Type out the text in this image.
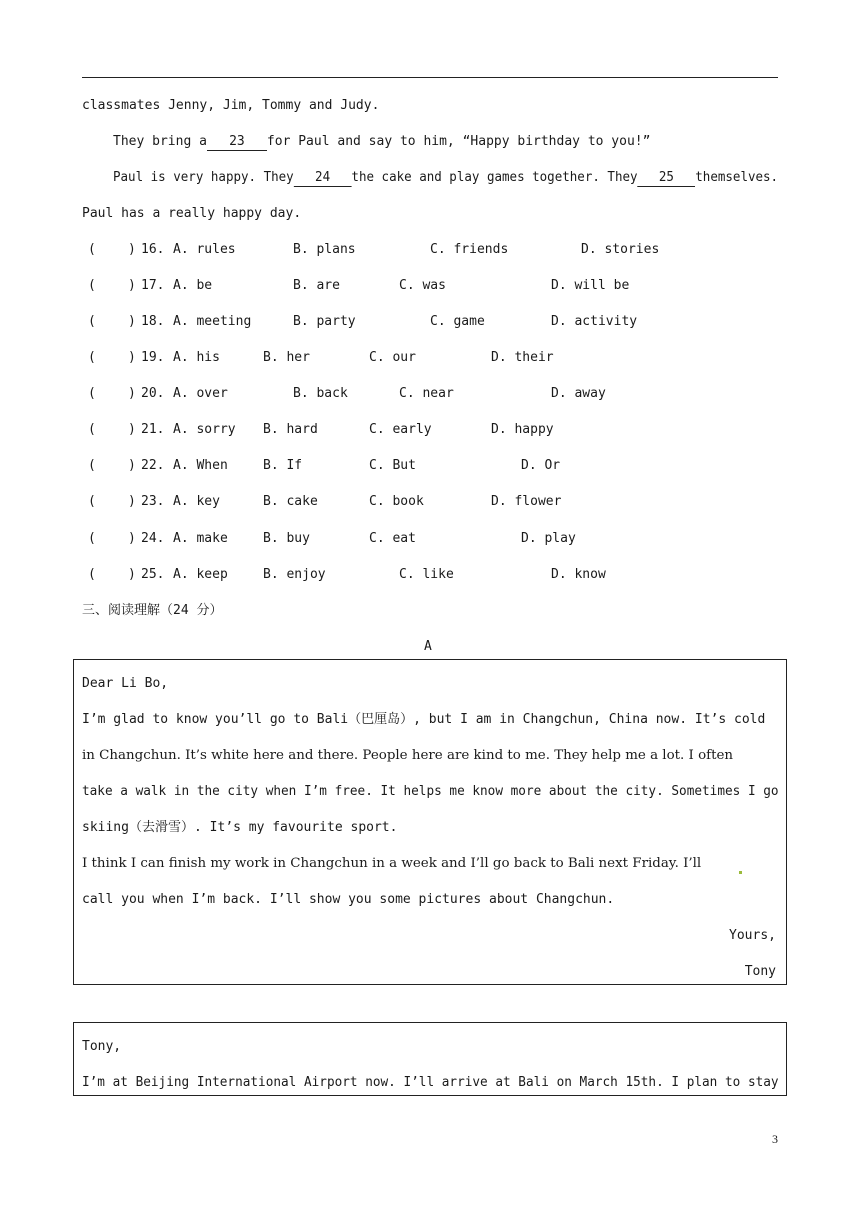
classmates Jenny, Jim, Tommy and Judy.
They bring a 23 for Paul and say to him, “Happy birthday to you!”
Paul is very happy. They 24 the cake and play games together. They 25 themselves.
Paul has a really happy day.

(

)

16.

A. rules

	B. plans

	C. friends

	D. stories

(

)

17.

A. be

	B. are

	C. was

	D. will be

(

)

18.

A. meeting

	B. party

	C. game

	D. activity

(

)

19.

A. his

	B. her

	C. our

	D. their

(

)

20.

A. over

	B. back

	C. near

	D. away

(

)

21.

A. sorry

B. hard

	C. early

	D. happy

(

)

22.

A. When

	B. If

	C. But

	D. Or

(

)

23.

A. key

	B. cake

	C. book

	D. flower

(

)

24.

A. make

	B. buy

	C. eat

	D. play

(

)

25.

A. keep

	B. enjoy

	C. like

	D. know

三、阅读理解（24 分）
A
Dear Li Bo,
I’m glad to know you’ll go to Bali（巴厘岛）, but I am in Changchun, China now. It’s cold
in Changchun. It’s white here and there. People here are kind to me. They help me a lot. I often
take a walk in the city when I’m free. It helps me know more about the city. Sometimes I go
skiing（去滑雪）. It’s my favourite sport.
I think I can finish my work in Changchun in a week and I’ll go back to Bali next Friday. I’ll
call you when I’m back. I’ll show you some pictures about Changchun.
Yours,
Tony
Tony,
I’m at Beijing International Airport now. I’ll arrive at Bali on March 15th. I plan to stay
3
